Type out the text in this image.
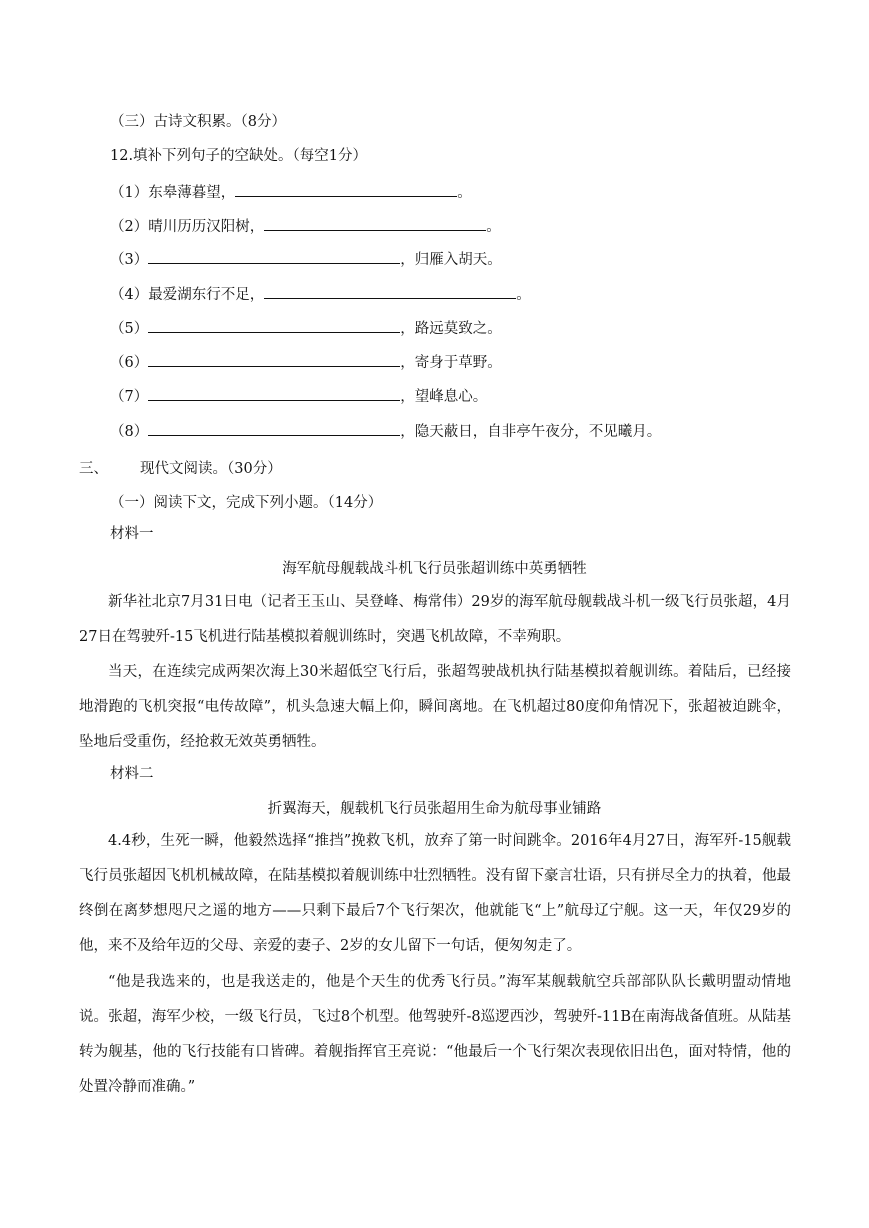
（三）古诗文积累。（8分）
12.填补下列句子的空缺处。（每空1分）
（1）东皋薄暮望，	。
（2）晴川历历汉阳树，	。
（3）	，归雁入胡天。
（4）最爱湖东行不足，	。
（5）	，路远莫致之。
（6）	，寄身于草野。
（7）	，望峰息心。
（8）	，隐天蔽日，自非亭午夜分，不见曦月。
三、 现代文阅读。（30分）
（一）阅读下文，完成下列小题。（14分）
材料一
海军航母舰载战斗机飞行员张超训练中英勇牺牲
新华社北京7月31日电（记者王玉山、吴登峰、梅常伟）29岁的海军航母舰载战斗机一级飞行员张超，4月27日在驾驶歼-15飞机进行陆基模拟着舰训练时，突遇飞机故障，不幸殉职。
当天，在连续完成两架次海上30米超低空飞行后，张超驾驶战机执行陆基模拟着舰训练。着陆后，已经接地滑跑的飞机突报“电传故障”，机头急速大幅上仰，瞬间离地。在飞机超过80度仰角情况下，张超被迫跳伞，坠地后受重伤，经抢救无效英勇牺牲。
材料二
折翼海天，舰载机飞行员张超用生命为航母事业铺路
4.4秒，生死一瞬，他毅然选择“推挡”挽救飞机，放弃了第一时间跳伞。2016年4月27日，海军歼-15舰载飞行员张超因飞机机械故障，在陆基模拟着舰训练中壮烈牺牲。没有留下豪言壮语，只有拼尽全力的执着，他最终倒在离梦想咫尺之遥的地方——只剩下最后7个飞行架次，他就能飞“上”航母辽宁舰。这一天，年仅29岁的他，来不及给年迈的父母、亲爱的妻子、2岁的女儿留下一句话，便匆匆走了。
“他是我选来的，也是我送走的，他是个天生的优秀飞行员。”海军某舰载航空兵部部队队长戴明盟动情地说。张超，海军少校，一级飞行员，飞过8个机型。他驾驶歼-8巡逻西沙，驾驶歼-11B在南海战备值班。从陆基转为舰基，他的飞行技能有口皆碑。着舰指挥官王亮说：“他最后一个飞行架次表现依旧出色，面对特情，他的处置冷静而准确。”
